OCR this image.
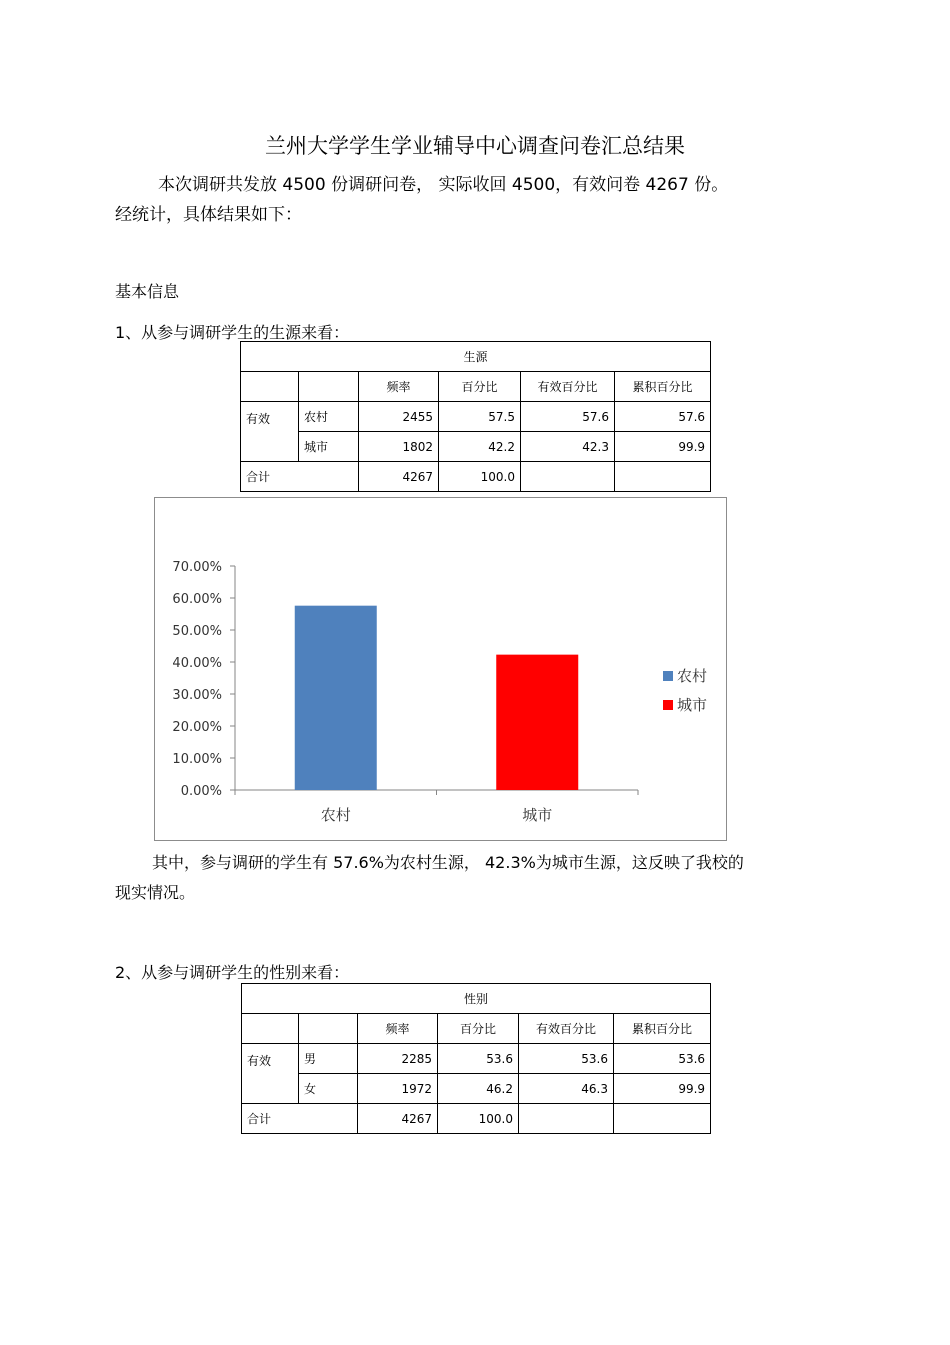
兰州大学学生学业辅导中心调查问卷汇总结果
本次调研共发放 4500 份调研问卷， 实际收回 4500，有效问卷 4267 份。
经统计，具体结果如下：
基本信息
1、从参与调研学生的生源来看：
生源					
		频率	百分比	有效百分比	累积百分比
有效	农村	2455	57.5	57.6	57.6
	城市	1802	42.2	42.3	99.9
合计		4267	100.0		
0.00%
10.00%
20.00%
30.00%
40.00%
50.00%
60.00%
70.00%
农村	城市
农村
城市
其中，参与调研的学生有 57.6%为农村生源， 42.3%为城市生源，这反映了我校的
现实情况。
2、从参与调研学生的性别来看：
性别					
		频率	百分比	有效百分比	累积百分比
有效	男	2285	53.6	53.6	53.6
	女	1972	46.2	46.3	99.9
合计		4267	100.0		
